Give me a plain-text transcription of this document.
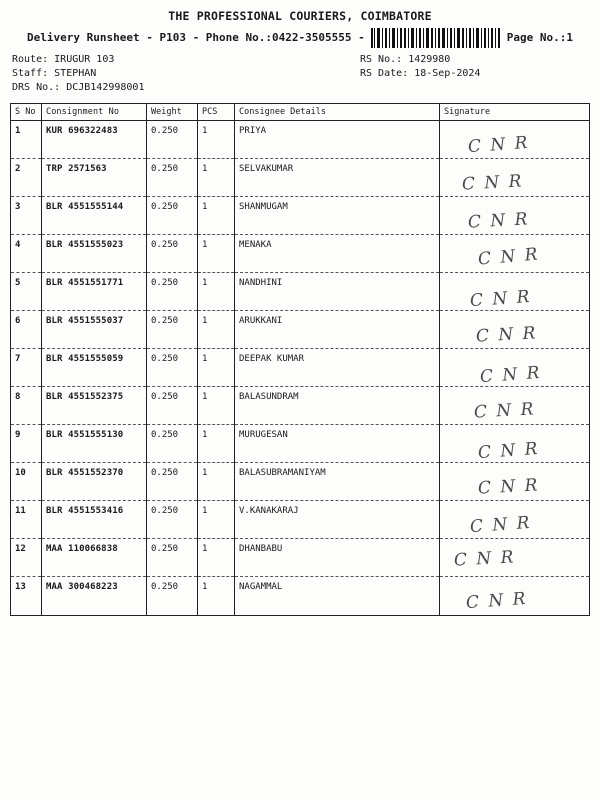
THE PROFESSIONAL COURIERS, COIMBATORE
Delivery Runsheet - P103 - Phone No.:0422-3505555 -	Page No.:1
Route: IRUGUR 103
Staff: STEPHAN
DRS No.: DCJB142998001
RS No.: 1429980
RS Date: 18-Sep-2024
S No	Consignment No	Weight	PCS	Consignee Details	Signature
1	KUR 696322483	0.250	1	PRIYA	C N R

2	TRP 2571563	0.250	1	SELVAKUMAR	C N R

3	BLR 4551555144	0.250	1	SHANMUGAM	C N R

4	BLR 4551555023	0.250	1	MENAKA	C N R

5	BLR 4551551771	0.250	1	NANDHINI	C N R

6	BLR 4551555037	0.250	1	ARUKKANI	C N R

7	BLR 4551555059	0.250	1	DEEPAK KUMAR	C N R

8	BLR 4551552375	0.250	1	BALASUNDRAM	C N R

9	BLR 4551555130	0.250	1	MURUGESAN	C N R

10	BLR 4551552370	0.250	1	BALASUBRAMANIYAM	C N R

11	BLR 4551553416	0.250	1	V.KANAKARAJ	C N R

12	MAA 110066838	0.250	1	DHANBABU	C N R

13	MAA 300468223	0.250	1	NAGAMMAL	C N R
